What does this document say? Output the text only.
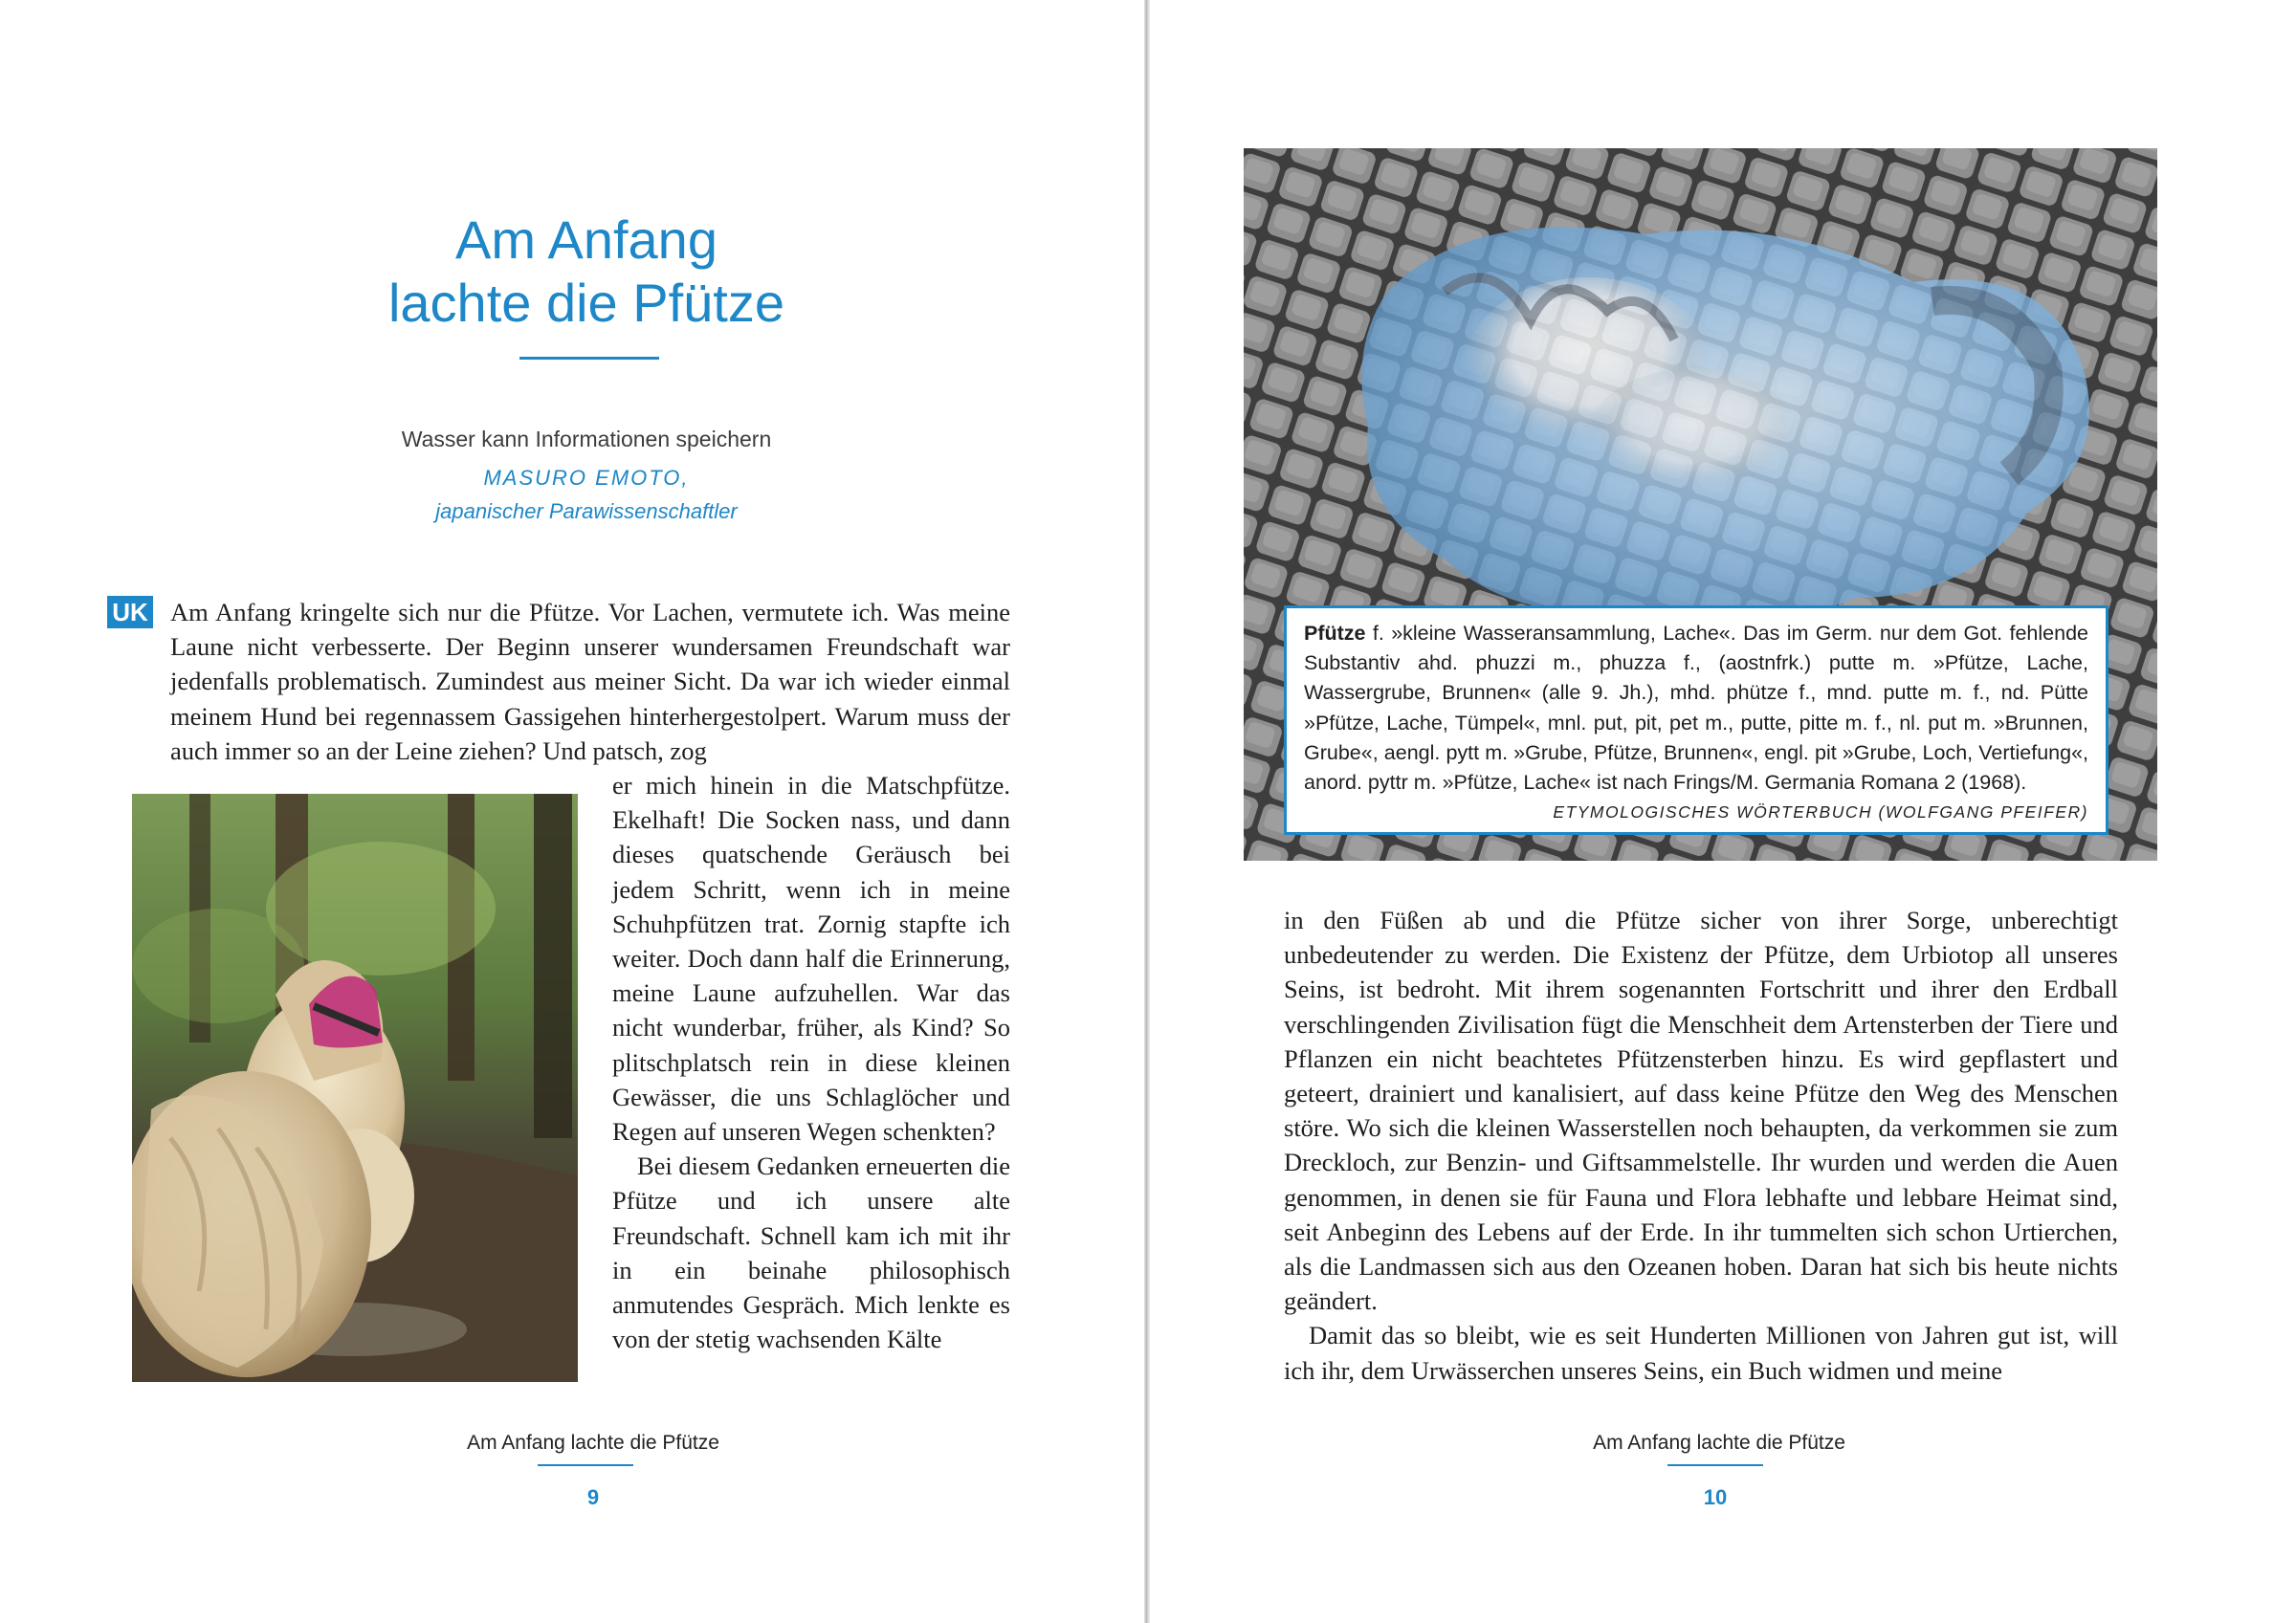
Am Anfang
lachte die Pfütze
Wasser kann Informationen speichern
MASURO EMOTO,
japanischer Parawissenschaftler
UK Am Anfang kringelte sich nur die Pfütze. Vor Lachen, vermutete ich. Was meine Laune nicht verbesserte. Der Beginn unserer wundersamen Freundschaft war jedenfalls problematisch. Zumindest aus meiner Sicht. Da war ich wieder einmal meinem Hund bei regennassem Gassigehen hinterhergestolpert. Warum muss der auch immer so an der Leine ziehen? Und patsch, zog

er mich hinein in die Matschpfütze. Ekelhaft! Die Socken nass, und dann dieses quatschende Geräusch bei jedem Schritt, wenn ich in meine Schuhpfützen trat. Zornig stapfte ich weiter. Doch dann half die Erinnerung, meine Laune aufzuhellen. War das nicht wunderbar, früher, als Kind? So plitschplatsch rein in diese kleinen Gewässer, die uns Schlaglöcher und Regen auf unseren Wegen schenkten?

Bei diesem Gedanken erneuerten die Pfütze und ich unsere alte Freundschaft. Schnell kam ich mit ihr in ein beinahe philosophisch anmutendes Gespräch. Mich lenkte es von der stetig wachsenden Kälte

Am Anfang lachte die Pfütze
9
Pfütze f. »kleine Wasseransammlung, Lache«. Das im Germ. nur dem Got. fehlende Substantiv ahd. phuzzi m., phuzza f., (aostnfrk.) putte m. »Pfütze, Lache, Wassergrube, Brunnen« (alle 9. Jh.), mhd. phütze f., mnd. putte m. f., nd. Pütte »Pfütze, Lache, Tümpel«, mnl. put, pit, pet m., putte, pitte m. f., nl. put m. »Brunnen, Grube«, aengl. pytt m. »Grube, Pfütze, Brunnen«, engl. pit »Grube, Loch, Vertiefung«, anord. pyttr m. »Pfütze, Lache« ist nach Frings/M. Germania Romana 2 (1968).
ETYMOLOGISCHES WÖRTERBUCH (WOLFGANG PFEIFER)

in den Füßen ab und die Pfütze sicher von ihrer Sorge, unberechtigt unbedeutender zu werden. Die Existenz der Pfütze, dem Urbiotop all unseres Seins, ist bedroht. Mit ihrem sogenannten Fortschritt und ihrer den Erdball verschlingenden Zivilisation fügt die Menschheit dem Artensterben der Tiere und Pflanzen ein nicht beachtetes Pfützensterben hinzu. Es wird gepflastert und geteert, drainiert und kanalisiert, auf dass keine Pfütze den Weg des Menschen störe. Wo sich die kleinen Wasserstellen noch behaupten, da verkommen sie zum Dreckloch, zur Benzin- und Giftsammelstelle. Ihr wurden und werden die Auen genommen, in denen sie für Fauna und Flora lebhafte und lebbare Heimat sind, seit Anbeginn des Lebens auf der Erde. In ihr tummelten sich schon Urtierchen, als die Landmassen sich aus den Ozeanen hoben. Daran hat sich bis heute nichts geändert.

Damit das so bleibt, wie es seit Hunderten Millionen von Jahren gut ist, will ich ihr, dem Urwässerchen unseres Seins, ein Buch widmen und meine

Am Anfang lachte die Pfütze
10
